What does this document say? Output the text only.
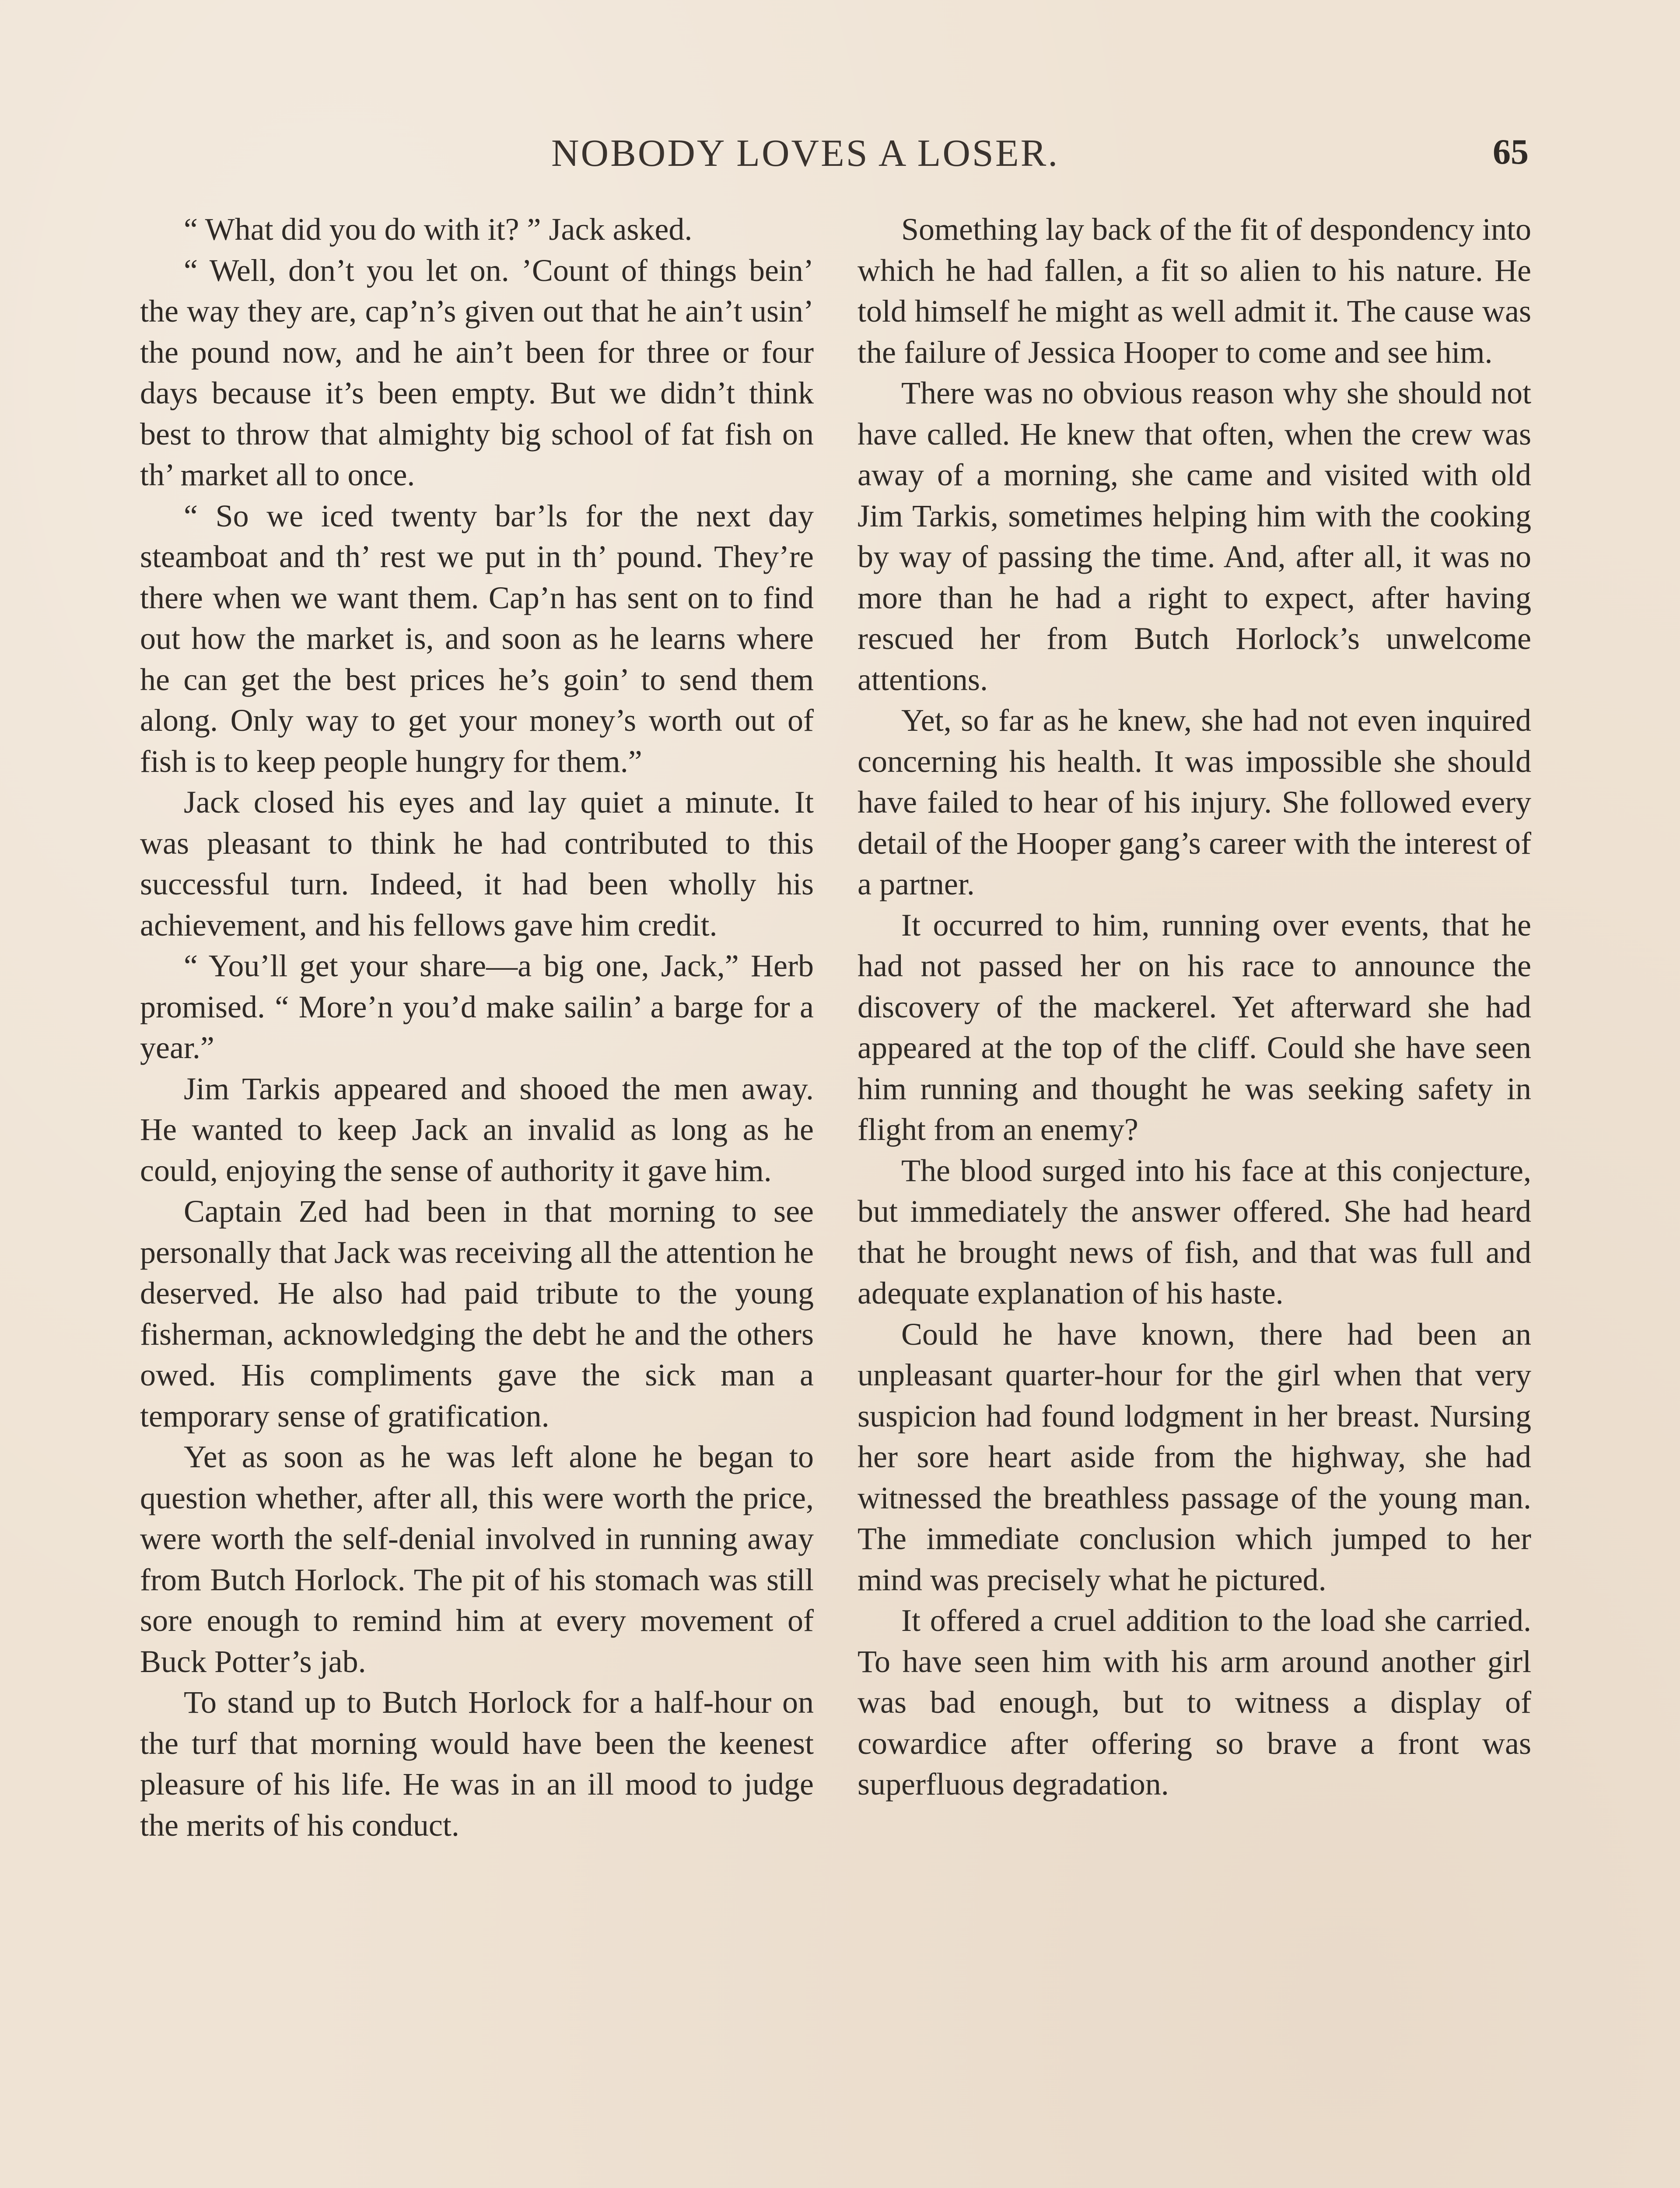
NOBODY LOVES A LOSER.	65

“ What did you do with it? ” Jack asked.

“ Well, don’t you let on. ’Count of things bein’ the way they are, cap’n’s given out that he ain’t usin’ the pound now, and he ain’t been for three or four days because it’s been empty. But we didn’t think best to throw that almighty big school of fat fish on th’ market all to once.

“ So we iced twenty bar’ls for the next day steamboat and th’ rest we put in th’ pound. They’re there when we want them. Cap’n has sent on to find out how the market is, and soon as he learns where he can get the best prices he’s goin’ to send them along. Only way to get your money’s worth out of fish is to keep people hungry for them.”

Jack closed his eyes and lay quiet a minute. It was pleasant to think he had contributed to this successful turn. Indeed, it had been wholly his achievement, and his fellows gave him credit.

“ You’ll get your share—a big one, Jack,” Herb promised. “ More’n you’d make sailin’ a barge for a year.”

Jim Tarkis appeared and shooed the men away. He wanted to keep Jack an invalid as long as he could, enjoying the sense of authority it gave him.

Captain Zed had been in that morning to see personally that Jack was receiving all the attention he deserved. He also had paid tribute to the young fisherman, acknowledging the debt he and the others owed. His compliments gave the sick man a temporary sense of gratification.

Yet as soon as he was left alone he began to question whether, after all, this were worth the price, were worth the self-denial involved in running away from Butch Horlock. The pit of his stomach was still sore enough to remind him at every movement of Buck Potter’s jab.

To stand up to Butch Horlock for a half-hour on the turf that morning would have been the keenest pleasure of his life. He was in an ill mood to judge the merits of his conduct.

Something lay back of the fit of despondency into which he had fallen, a fit so alien to his nature. He told himself he might as well admit it. The cause was the failure of Jessica Hooper to come and see him.

There was no obvious reason why she should not have called. He knew that often, when the crew was away of a morning, she came and visited with old Jim Tarkis, sometimes helping him with the cooking by way of passing the time. And, after all, it was no more than he had a right to expect, after having rescued her from Butch Horlock’s unwelcome attentions.

Yet, so far as he knew, she had not even inquired concerning his health. It was impossible she should have failed to hear of his injury. She followed every detail of the Hooper gang’s career with the interest of a partner.

It occurred to him, running over events, that he had not passed her on his race to announce the discovery of the mackerel. Yet afterward she had appeared at the top of the cliff. Could she have seen him running and thought he was seeking safety in flight from an enemy?

The blood surged into his face at this conjecture, but immediately the answer offered. She had heard that he brought news of fish, and that was full and adequate explanation of his haste.

Could he have known, there had been an unpleasant quarter-hour for the girl when that very suspicion had found lodgment in her breast. Nursing her sore heart aside from the highway, she had witnessed the breathless passage of the young man. The immediate conclusion which jumped to her mind was precisely what he pictured.

It offered a cruel addition to the load she carried. To have seen him with his arm around another girl was bad enough, but to witness a display of cowardice after offering so brave a front was superfluous degradation.
